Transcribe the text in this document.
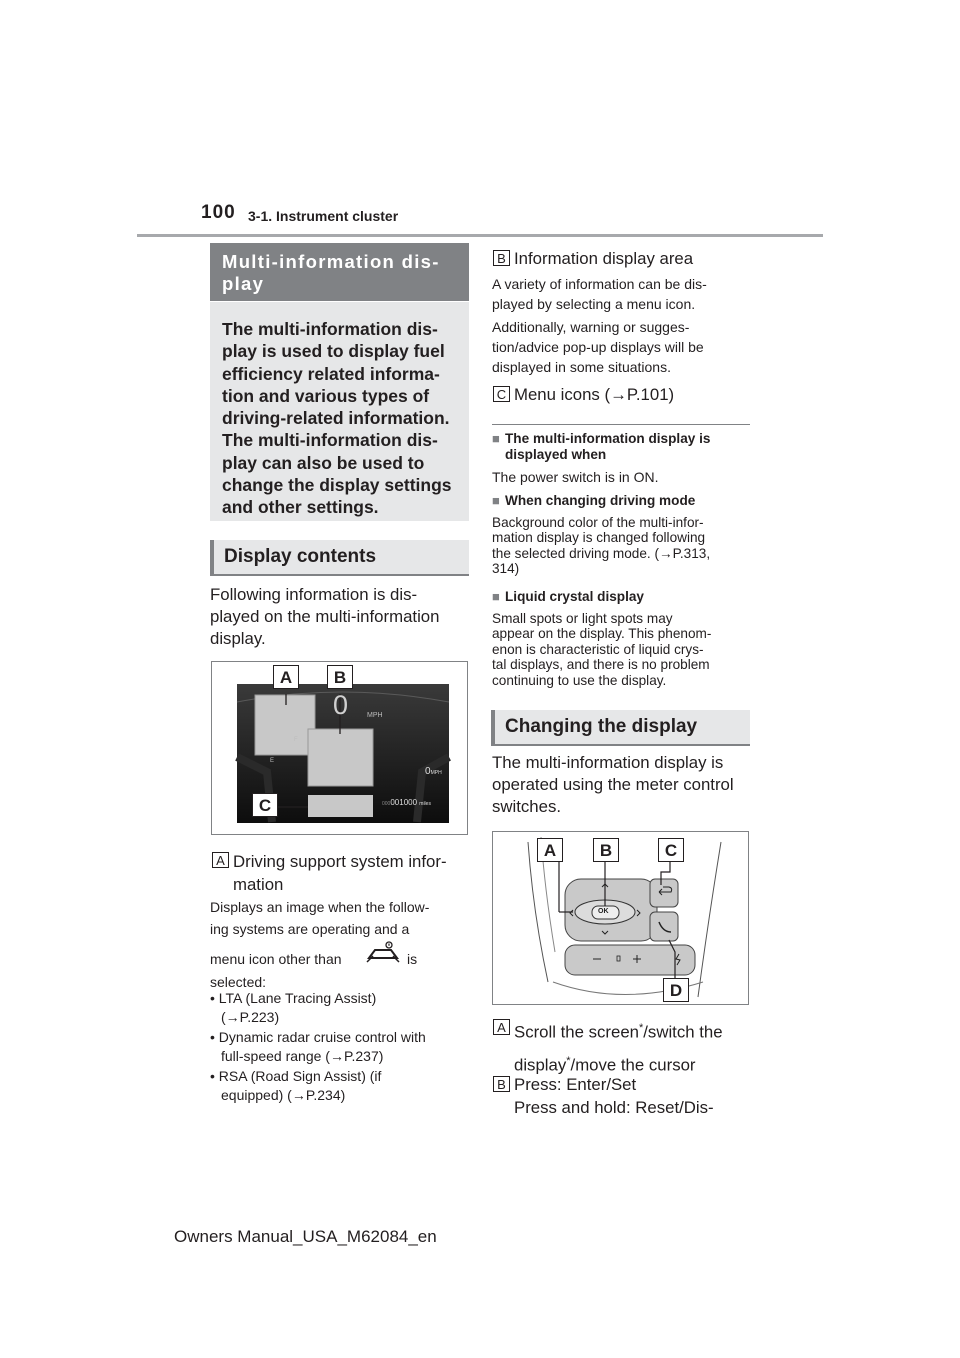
100 3-1. Instrument cluster
Multi-information dis-
play
The multi-information dis-
play is used to display fuel
efficiency related informa-
tion and various types of
driving-related information.
The multi-information dis-
play can also be used to
change the display settings
and other settings.
Display contents
Following information is dis-
played on the multi-information
display.
0	MPH
F
E
0MPH
000001000 miles
A	B
C
A Driving support system infor-
mation
Displays an image when the follow-
ing systems are operating and a
menu icon other than	is
selected:
• LTA (Lane Tracing Assist)
(→P.223)
• Dynamic radar cruise control with
full-speed range (→P.237)
• RSA (Road Sign Assist) (if
equipped) (→P.234)
B Information display area
A variety of information can be dis-
played by selecting a menu icon.
Additionally, warning or sugges-
tion/advice pop-up displays will be
displayed in some situations.
C Menu icons (→P.101)
■ The multi-information display is
displayed when
The power switch is in ON.
■ When changing driving mode
Background color of the multi-infor-
mation display is changed following
the selected driving mode. (→P.313,
314)
■ Liquid crystal display
Small spots or light spots may
appear on the display. This phenom-
enon is characteristic of liquid crys-
tal displays, and there is no problem
continuing to use the display.
Changing the display
The multi-information display is
operated using the meter control
switches.
OK
A	B	C
D
A Scroll the screen*/switch the
display*/move the cursor
B Press: Enter/Set
Press and hold: Reset/Dis-
Owners Manual_USA_M62084_en
